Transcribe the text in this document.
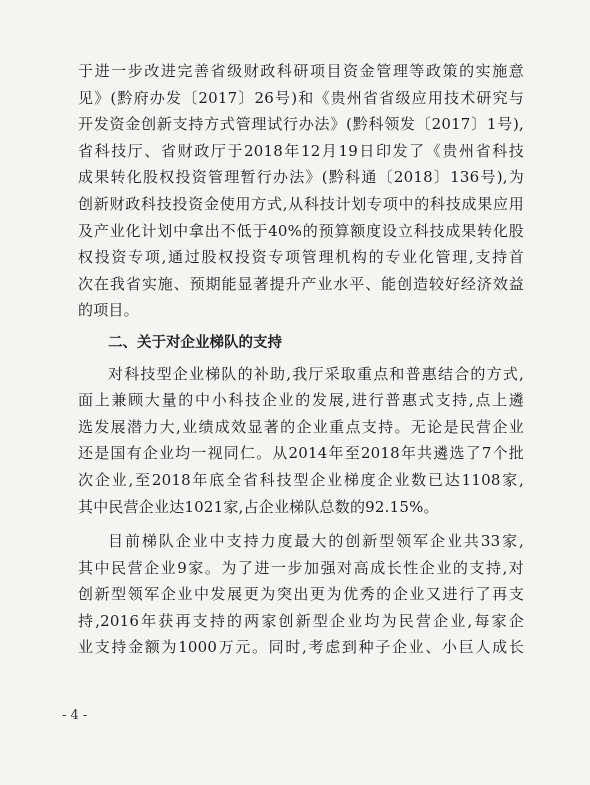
于进一步改进完善省级财政科研项目资金管理等政策的实施意
见》(黔府办发〔2017〕26号)和《贵州省省级应用技术研究与
开发资金创新支持方式管理试行办法》(黔科领发〔2017〕1号),
省科技厅、省财政厅于2018年12月19日印发了《贵州省科技
成果转化股权投资管理暂行办法》(黔科通〔2018〕136号),为
创新财政科技投资金使用方式,从科技计划专项中的科技成果应用
及产业化计划中拿出不低于40%的预算额度设立科技成果转化股
权投资专项,通过股权投资专项管理机构的专业化管理,支持首
次在我省实施、预期能显著提升产业水平、能创造较好经济效益
的项目。
二、关于对企业梯队的支持
对科技型企业梯队的补助,我厅采取重点和普惠结合的方式,
面上兼顾大量的中小科技企业的发展,进行普惠式支持,点上遴
选发展潜力大,业绩成效显著的企业重点支持。无论是民营企业
还是国有企业均一视同仁。从2014年至2018年共遴选了7个批
次企业,至2018年底全省科技型企业梯度企业数已达1108家,
其中民营企业达1021家,占企业梯队总数的92.15%。
目前梯队企业中支持力度最大的创新型领军企业共33家,
其中民营企业9家。为了进一步加强对高成长性企业的支持,对
创新型领军企业中发展更为突出更为优秀的企业又进行了再支
持,2016年获再支持的两家创新型企业均为民营企业,每家企
业支持金额为1000万元。同时,考虑到种子企业、小巨人成长
- 4 -
